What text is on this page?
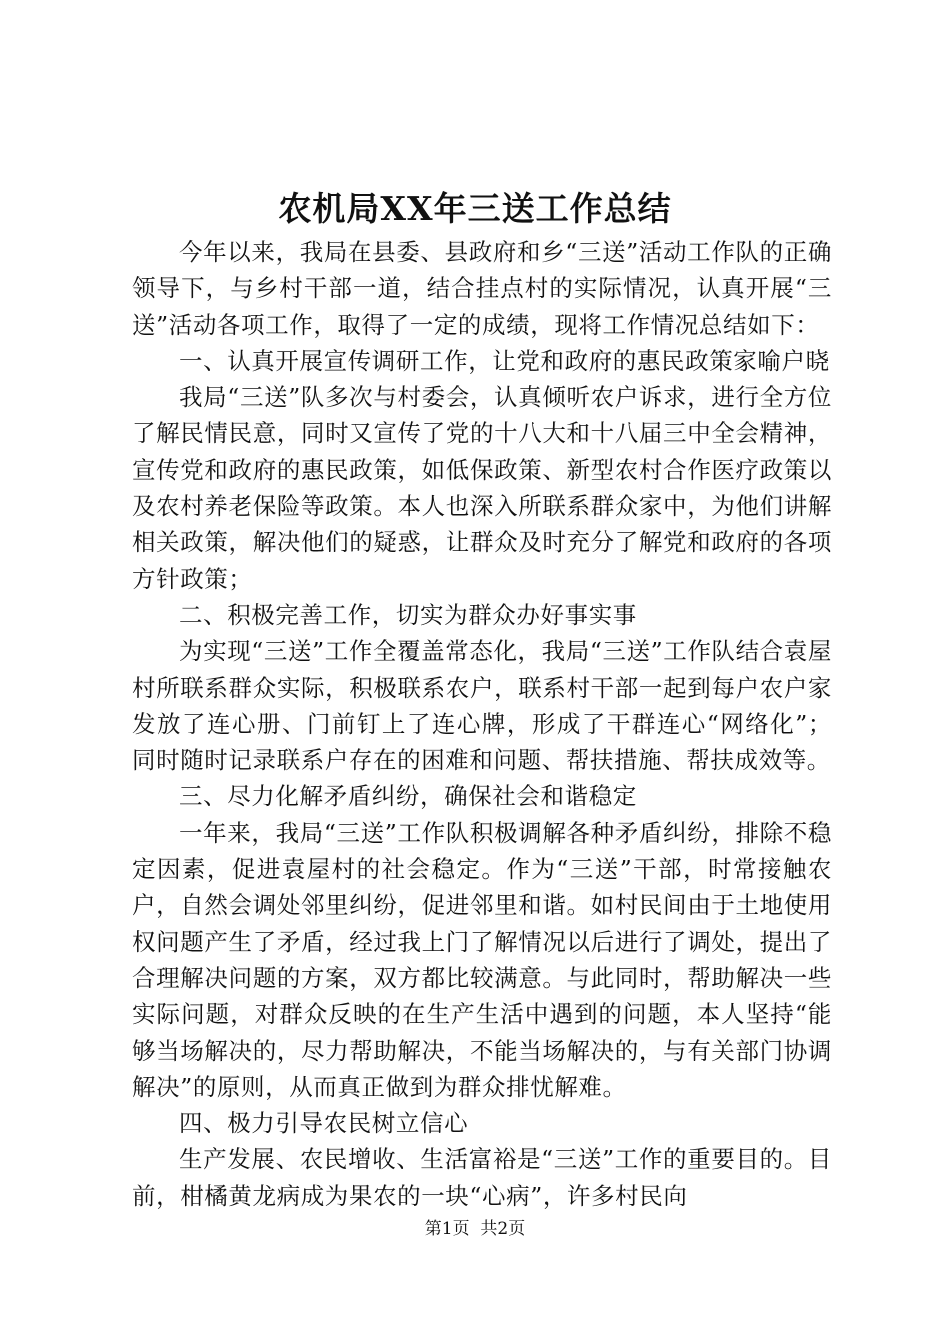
农机局XX年三送工作总结

今年以来，我局在县委、县政府和乡“三送”活动工作队的正确领导下，与乡村干部一道，结合挂点村的实际情况，认真开展“三送”活动各项工作，取得了一定的成绩，现将工作情况总结如下：

一、认真开展宣传调研工作，让党和政府的惠民政策家喻户晓

我局“三送”队多次与村委会，认真倾听农户诉求，进行全方位了解民情民意，同时又宣传了党的十八大和十八届三中全会精神，宣传党和政府的惠民政策，如低保政策、新型农村合作医疗政策以及农村养老保险等政策。本人也深入所联系群众家中，为他们讲解相关政策，解决他们的疑惑，让群众及时充分了解党和政府的各项方针政策；

二、积极完善工作，切实为群众办好事实事

为实现“三送”工作全覆盖常态化，我局“三送”工作队结合袁屋村所联系群众实际，积极联系农户，联系村干部一起到每户农户家发放了连心册、门前钉上了连心牌，形成了干群连心“网络化”；同时随时记录联系户存在的困难和问题、帮扶措施、帮扶成效等。

三、尽力化解矛盾纠纷，确保社会和谐稳定

一年来，我局“三送”工作队积极调解各种矛盾纠纷，排除不稳定因素，促进袁屋村的社会稳定。作为“三送”干部，时常接触农户，自然会调处邻里纠纷，促进邻里和谐。如村民间由于土地使用权问题产生了矛盾，经过我上门了解情况以后进行了调处，提出了合理解决问题的方案，双方都比较满意。与此同时，帮助解决一些实际问题，对群众反映的在生产生活中遇到的问题，本人坚持“能够当场解决的，尽力帮助解决，不能当场解决的，与有关部门协调解决”的原则，从而真正做到为群众排忧解难。

四、极力引导农民树立信心

生产发展、农民增收、生活富裕是“三送”工作的重要目的。目前，柑橘黄龙病成为果农的一块“心病”，许多村民向

第1页  共2页
